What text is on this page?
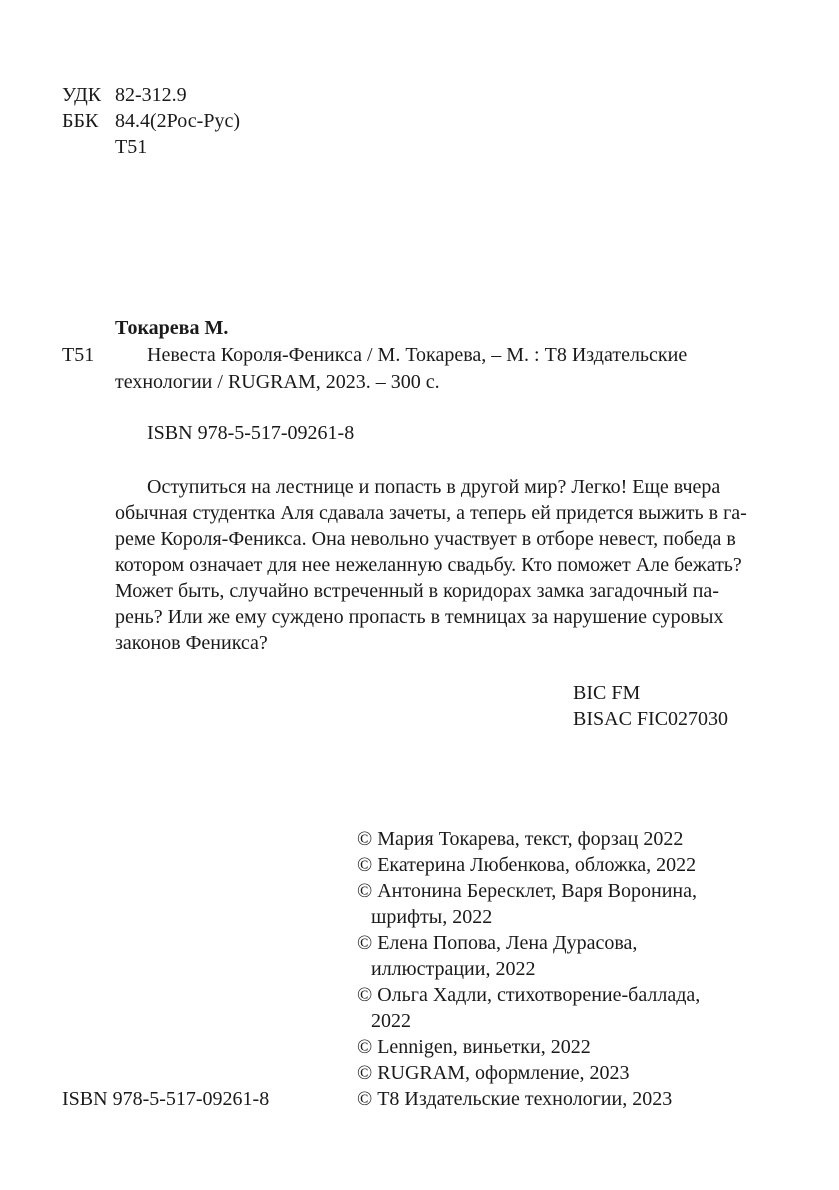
УДК 82-312.9
ББК 84.4(2Рос-Рус)
Т51
Токарева М.
Т51	Невеста Короля-Феникса / М. Токарева, – М. : Т8 Издательские
технологии / RUGRAM, 2023. – 300 с.
ISBN 978-5-517-09261-8
Оступиться на лестнице и попасть в другой мир? Легко! Еще вчера
обычная студентка Аля сдавала зачеты, а теперь ей придется выжить в га-
реме Короля-Феникса. Она невольно участвует в отборе невест, победа в
котором означает для нее нежеланную свадьбу. Кто поможет Але бежать?
Может быть, случайно встреченный в коридорах замка загадочный па-
рень? Или же ему суждено пропасть в темницах за нарушение суровых
законов Феникса?
BIC FM
BISAC FIC027030
© Мария Токарева, текст, форзац 2022
© Екатерина Любенкова, обложка, 2022
© Антонина Бересклет, Варя Воронина,
шрифты, 2022
© Елена Попова, Лена Дурасова,
иллюстрации, 2022
© Ольга Хадли, стихотворение-баллада,
2022
© Lennigen, виньетки, 2022
© RUGRAM, оформление, 2023
© Т8 Издательские технологии, 2023
ISBN 978-5-517-09261-8
